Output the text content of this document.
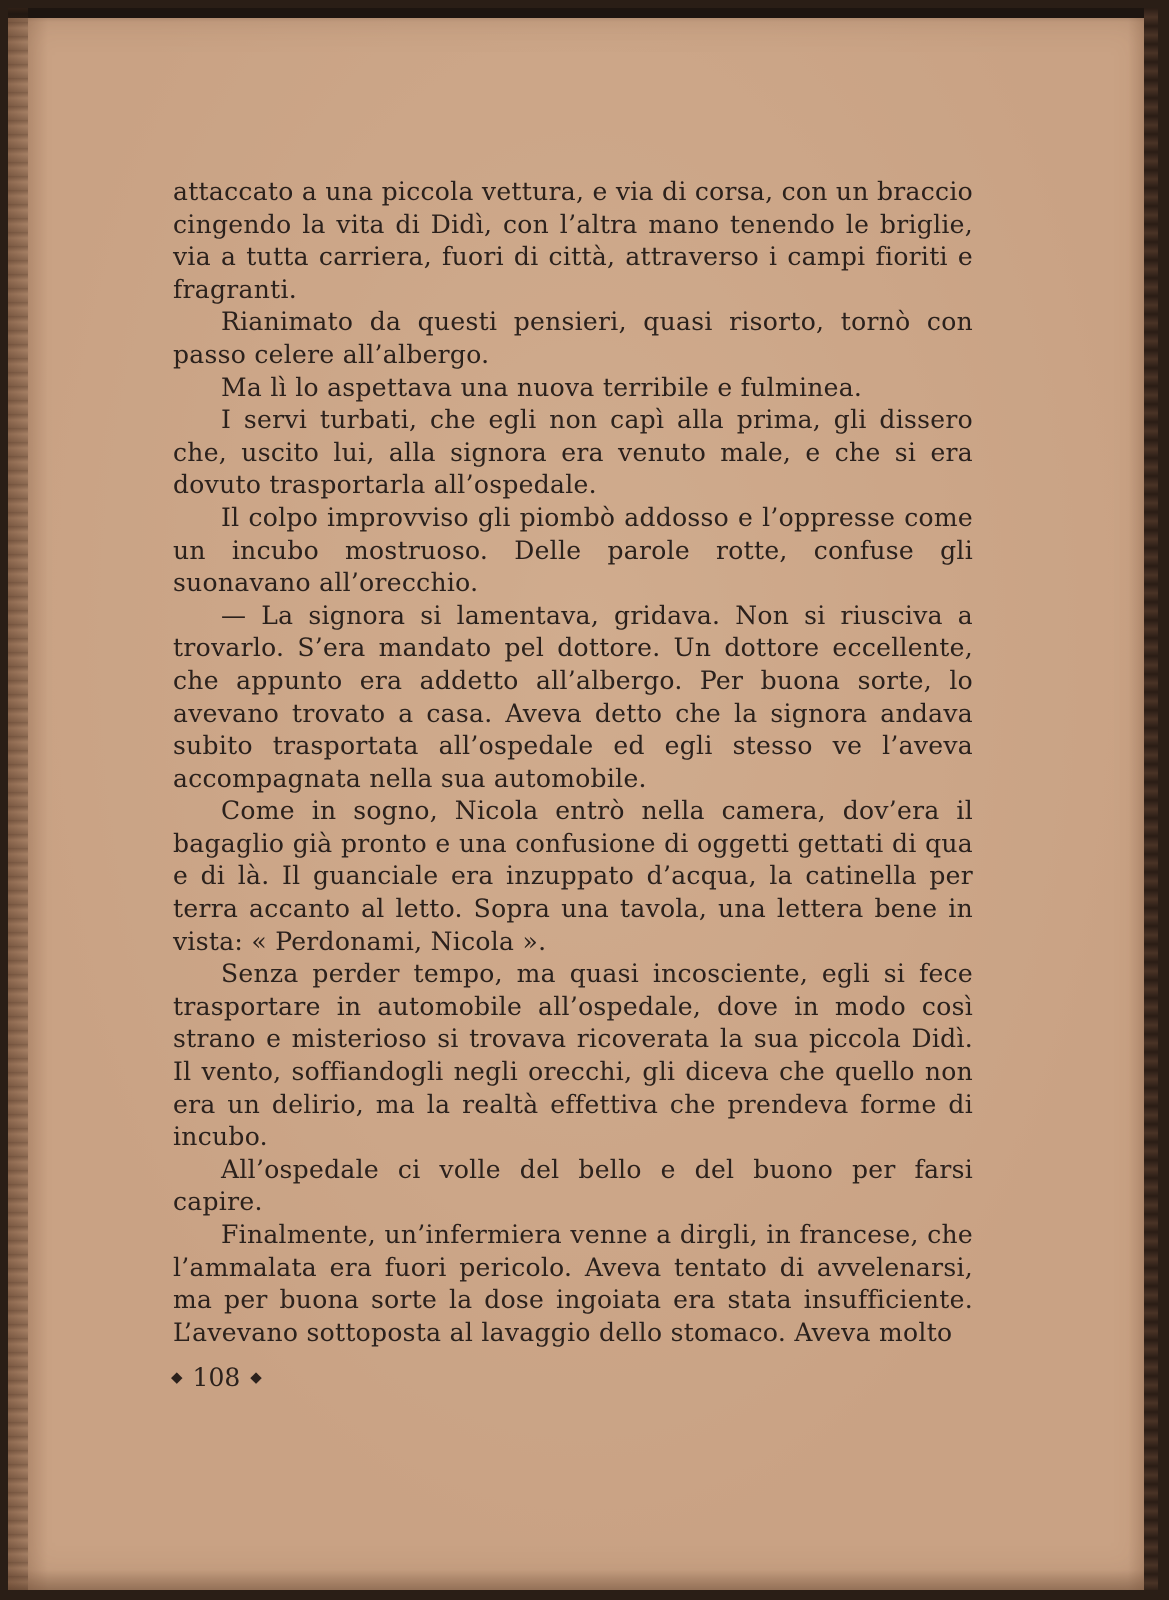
attaccato a una piccola vettura, e via di corsa, con un braccio cingendo la vita di Didì, con l’altra mano tenendo le briglie, via a tutta carriera, fuori di città, attraverso i campi fioriti e fragranti.

Rianimato da questi pensieri, quasi risorto, tornò con passo celere all’albergo.

Ma lì lo aspettava una nuova terribile e fulminea.

I servi turbati, che egli non capì alla prima, gli dissero che, uscito lui, alla signora era venuto male, e che si era dovuto trasportarla all’ospedale.

Il colpo improvviso gli piombò addosso e l’oppresse come un incubo mostruoso. Delle parole rotte, confuse gli suonavano all’orecchio.

— La signora si lamentava, gridava. Non si riusciva a trovarlo. S’era mandato pel dottore. Un dottore eccellente, che appunto era addetto all’albergo. Per buona sorte, lo avevano trovato a casa. Aveva detto che la signora andava subito trasportata all’ospedale ed egli stesso ve l’aveva accompagnata nella sua automobile.

Come in sogno, Nicola entrò nella camera, dov’era il bagaglio già pronto e una confusione di oggetti gettati di qua e di là. Il guanciale era inzuppato d’acqua, la catinella per terra accanto al letto. Sopra una tavola, una lettera bene in vista: « Perdonami, Nicola ».

Senza perder tempo, ma quasi incosciente, egli si fece trasportare in automobile all’ospedale, dove in modo così strano e misterioso si trovava ricoverata la sua piccola Didì. Il vento, soffiandogli negli orecchi, gli diceva che quello non era un delirio, ma la realtà effettiva che prendeva forme di incubo.

All’ospedale ci volle del bello e del buono per farsi capire.

Finalmente, un’infermiera venne a dirgli, in francese, che l’ammalata era fuori pericolo. Aveva tentato di avvelenarsi, ma per buona sorte la dose ingoiata era stata insufficiente. L’avevano sottoposta al lavaggio dello stomaco. Aveva molto

◆ 108 ◆
